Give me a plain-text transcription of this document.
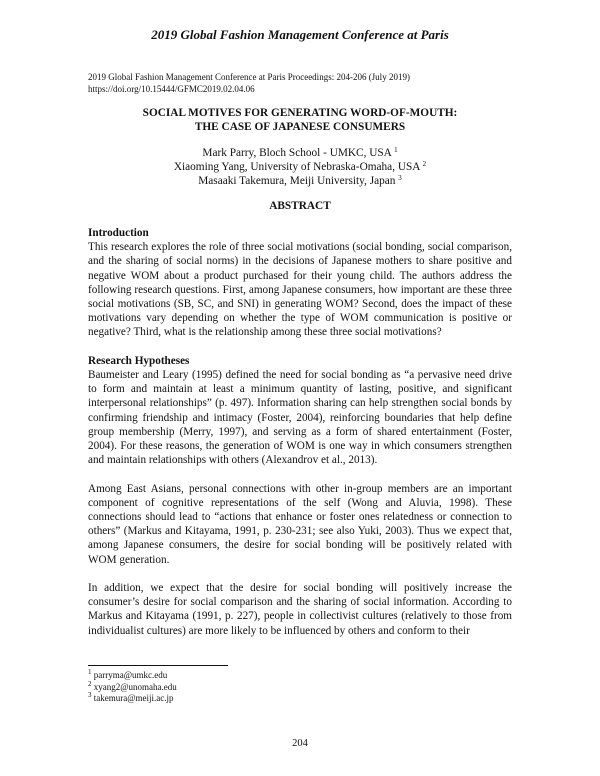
2019 Global Fashion Management Conference at Paris
2019 Global Fashion Management Conference at Paris Proceedings: 204-206 (July 2019)
https://doi.org/10.15444/GFMC2019.02.04.06
SOCIAL MOTIVES FOR GENERATING WORD-OF-MOUTH:
THE CASE OF JAPANESE CONSUMERS
Mark Parry, Bloch School - UMKC, USA $^1$
Xiaoming Yang, University of Nebraska-Omaha, USA $^2$
Masaaki Takemura, Meiji University, Japan $^3$
ABSTRACT
Introduction

This research explores the role of three social motivations (social bonding, social comparison, and the sharing of social norms) in the decisions of Japanese mothers to share positive and negative WOM about a product purchased for their young child. The authors address the following research questions. First, among Japanese consumers, how important are these three social motivations (SB, SC, and SNI) in generating WOM? Second, does the impact of these motivations vary depending on whether the type of WOM communication is positive or negative? Third, what is the relationship among these three social motivations?

Research Hypotheses

Baumeister and Leary (1995) defined the need for social bonding as “a pervasive need drive to form and maintain at least a minimum quantity of lasting, positive, and significant interpersonal relationships” (p. 497). Information sharing can help strengthen social bonds by confirming friendship and intimacy (Foster, 2004), reinforcing boundaries that help define group membership (Merry, 1997), and serving as a form of shared entertainment (Foster, 2004). For these reasons, the generation of WOM is one way in which consumers strengthen and maintain relationships with others (Alexandrov et al., 2013).

Among East Asians, personal connections with other in-group members are an important component of cognitive representations of the self (Wong and Aluvia, 1998). These connections should lead to “actions that enhance or foster ones relatedness or connection to others” (Markus and Kitayama, 1991, p. 230-231; see also Yuki, 2003). Thus we expect that, among Japanese consumers, the desire for social bonding will be positively related with WOM generation.

In addition, we expect that the desire for social bonding will positively increase the consumer’s desire for social comparison and the sharing of social information. According to Markus and Kitayama (1991, p. 227), people in collectivist cultures (relatively to those from individualist cultures) are more likely to be influenced by others and conform to their

$^1$ parryma@umkc.edu
$^2$ xyang2@unomaha.edu
$^3$ takemura@meiji.ac.jp
204
